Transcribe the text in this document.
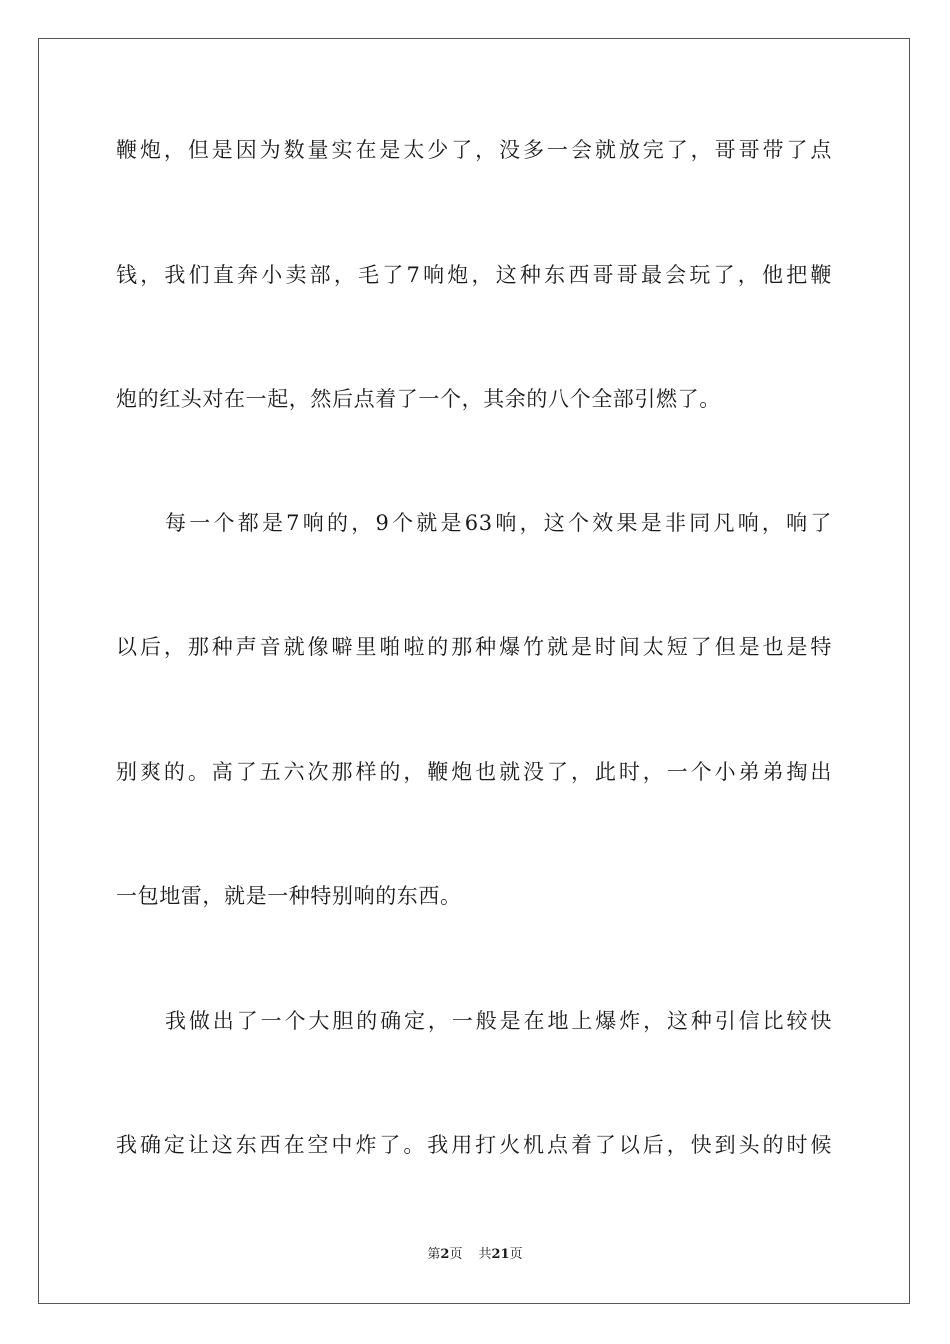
鞭炮，但是因为数量实在是太少了，没多一会就放完了，哥哥带了点
钱，我们直奔小卖部，毛了7响炮，这种东西哥哥最会玩了，他把鞭
炮的红头对在一起，然后点着了一个，其余的八个全部引燃了。
每一个都是7响的，9个就是63响，这个效果是非同凡响，响了
以后，那种声音就像噼里啪啦的那种爆竹就是时间太短了但是也是特
别爽的。高了五六次那样的，鞭炮也就没了，此时，一个小弟弟掏出
一包地雷，就是一种特别响的东西。
我做出了一个大胆的确定，一般是在地上爆炸，这种引信比较快
我确定让这东西在空中炸了。我用打火机点着了以后，快到头的时候
第2页 共21页
